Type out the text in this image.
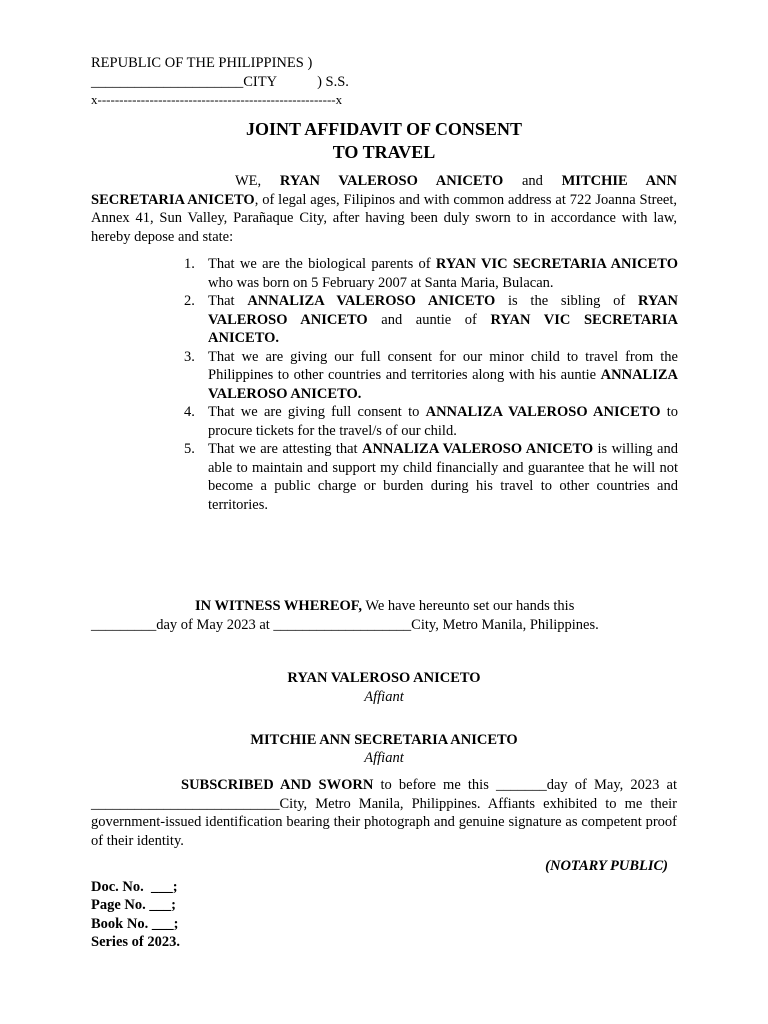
REPUBLIC OF THE PHILIPPINES )
_____________________CITY	) S.S.
x-------------------------------------------------------x
JOINT AFFIDAVIT OF CONSENT
TO TRAVEL
WE, RYAN VALEROSO ANICETO and MITCHIE ANN SECRETARIA ANICETO, of legal ages, Filipinos and with common address at 722 Joanna Street, Annex 41, Sun Valley, Parañaque City, after having been duly sworn to in accordance with law, hereby depose and state:
1. That we are the biological parents of RYAN VIC SECRETARIA ANICETO who was born on 5 February 2007 at Santa Maria, Bulacan.
2. That ANNALIZA VALEROSO ANICETO is the sibling of RYAN VALEROSO ANICETO and auntie of RYAN VIC SECRETARIA ANICETO.
3. That we are giving our full consent for our minor child to travel from the Philippines to other countries and territories along with his auntie ANNALIZA VALEROSO ANICETO.
4. That we are giving full consent to ANNALIZA VALEROSO ANICETO to procure tickets for the travel/s of our child.
5. That we are attesting that ANNALIZA VALEROSO ANICETO is willing and able to maintain and support my child financially and guarantee that he will not become a public charge or burden during his travel to other countries and territories.
IN WITNESS WHEREOF, We have hereunto set our hands this
_________day of May 2023 at ___________________City, Metro Manila, Philippines.
RYAN VALEROSO ANICETO
Affiant
MITCHIE ANN SECRETARIA ANICETO
Affiant
SUBSCRIBED AND SWORN to before me this _______day of May, 2023 at __________________________City, Metro Manila, Philippines. Affiants exhibited to me their government-issued identification bearing their photograph and genuine signature as competent proof of their identity.
(NOTARY PUBLIC)
Doc. No.  ___;
Page No. ___;
Book No. ___;
Series of 2023.
